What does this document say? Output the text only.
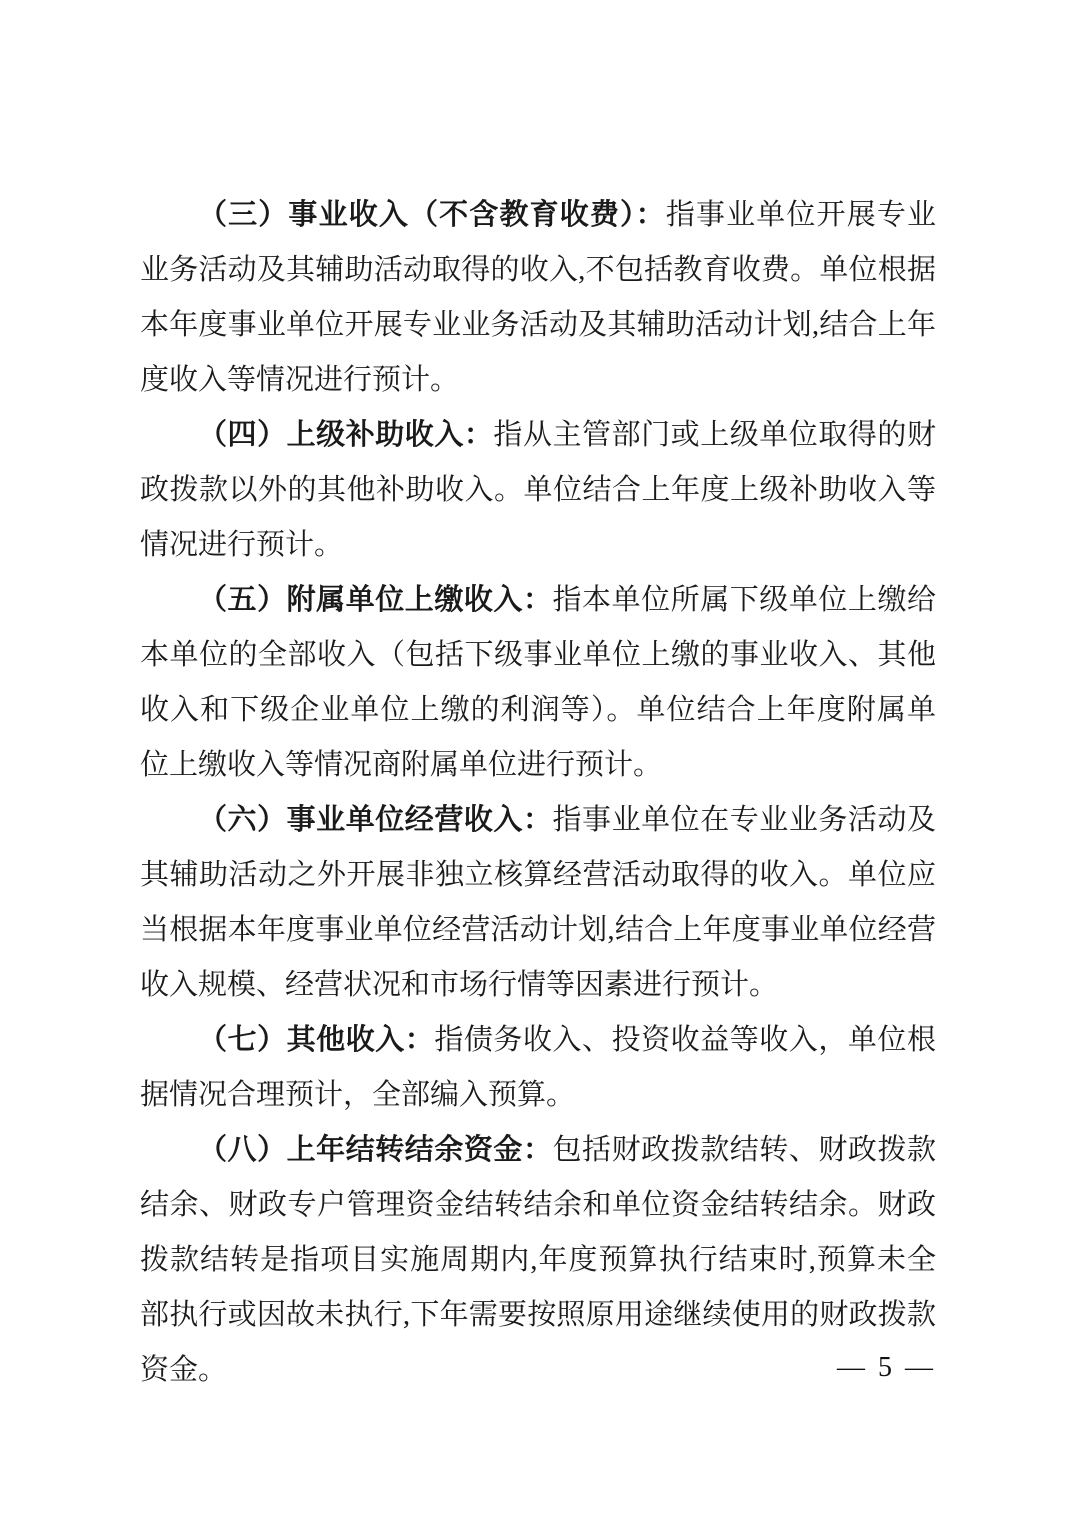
（三）事业收入（不含教育收费）：指事业单位开展专业业务活动及其辅助活动取得的收入,不包括教育收费。单位根据本年度事业单位开展专业业务活动及其辅助活动计划,结合上年度收入等情况进行预计。

（四）上级补助收入：指从主管部门或上级单位取得的财政拨款以外的其他补助收入。单位结合上年度上级补助收入等情况进行预计。

（五）附属单位上缴收入：指本单位所属下级单位上缴给本单位的全部收入（包括下级事业单位上缴的事业收入、其他收入和下级企业单位上缴的利润等）。单位结合上年度附属单位上缴收入等情况商附属单位进行预计。

（六）事业单位经营收入：指事业单位在专业业务活动及其辅助活动之外开展非独立核算经营活动取得的收入。单位应当根据本年度事业单位经营活动计划,结合上年度事业单位经营收入规模、经营状况和市场行情等因素进行预计。

（七）其他收入：指债务收入、投资收益等收入，单位根据情况合理预计，全部编入预算。

（八）上年结转结余资金：包括财政拨款结转、财政拨款结余、财政专户管理资金结转结余和单位资金结转结余。财政拨款结转是指项目实施周期内,年度预算执行结束时,预算未全部执行或因故未执行,下年需要按照原用途继续使用的财政拨款资金。	— 5 —
